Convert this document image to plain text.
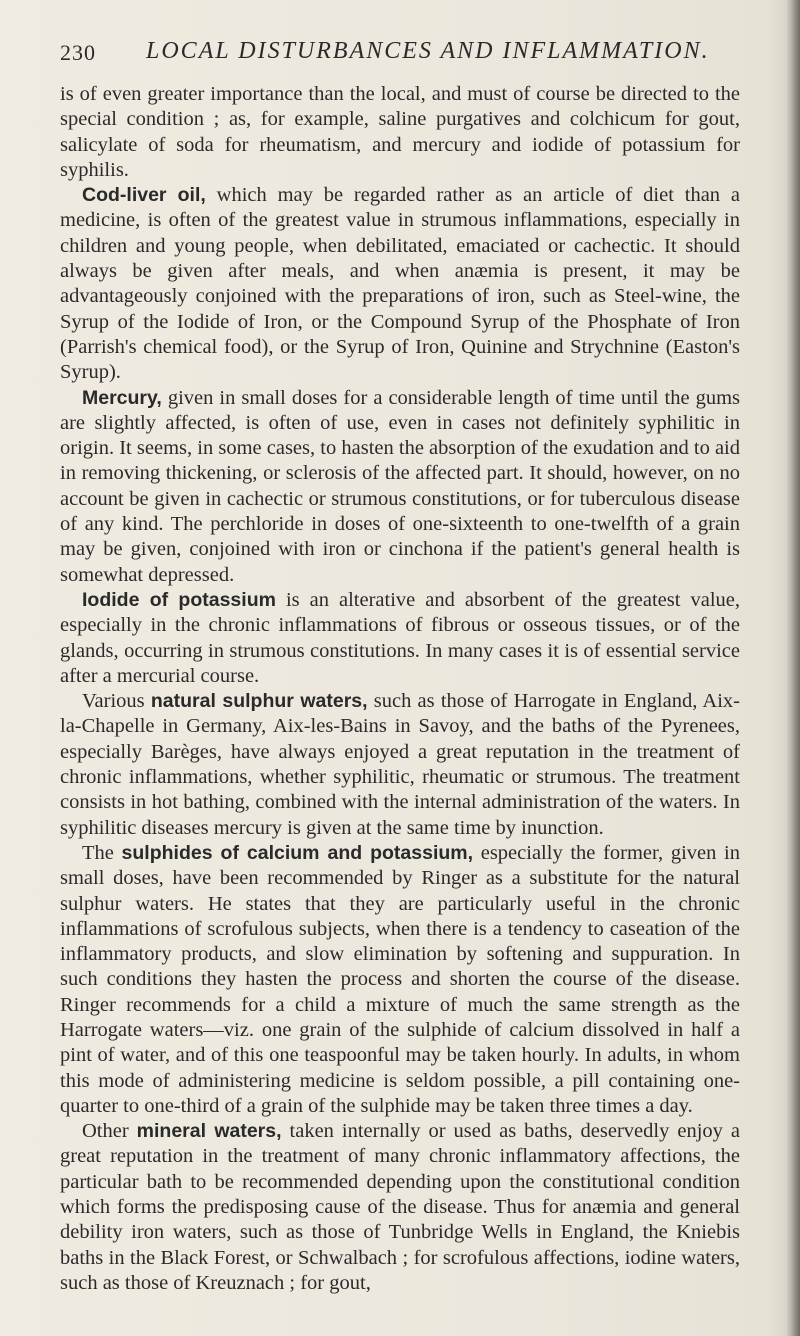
230 LOCAL DISTURBANCES AND INFLAMMATION.

is of even greater importance than the local, and must of course be directed to the special condition ; as, for example, saline purgatives and colchicum for gout, salicylate of soda for rheumatism, and mercury and iodide of potassium for syphilis.

Cod-liver oil, which may be regarded rather as an article of diet than a medicine, is often of the greatest value in strumous inflammations, especially in children and young people, when debilitated, emaciated or cachectic. It should always be given after meals, and when anæmia is present, it may be advantageously conjoined with the preparations of iron, such as Steel-wine, the Syrup of the Iodide of Iron, or the Compound Syrup of the Phosphate of Iron (Parrish's chemical food), or the Syrup of Iron, Quinine and Strychnine (Easton's Syrup).

Mercury, given in small doses for a considerable length of time until the gums are slightly affected, is often of use, even in cases not definitely syphilitic in origin. It seems, in some cases, to hasten the absorption of the exudation and to aid in removing thickening, or sclerosis of the affected part. It should, however, on no account be given in cachectic or strumous constitutions, or for tuberculous disease of any kind. The perchloride in doses of one-sixteenth to one-twelfth of a grain may be given, conjoined with iron or cinchona if the patient's general health is somewhat depressed.

Iodide of potassium is an alterative and absorbent of the greatest value, especially in the chronic inflammations of fibrous or osseous tissues, or of the glands, occurring in strumous constitutions. In many cases it is of essential service after a mercurial course.

Various natural sulphur waters, such as those of Harrogate in England, Aix-la-Chapelle in Germany, Aix-les-Bains in Savoy, and the baths of the Pyrenees, especially Barèges, have always enjoyed a great reputation in the treatment of chronic inflammations, whether syphilitic, rheumatic or strumous. The treatment consists in hot bathing, combined with the internal administration of the waters. In syphilitic diseases mercury is given at the same time by inunction.

The sulphides of calcium and potassium, especially the former, given in small doses, have been recommended by Ringer as a substitute for the natural sulphur waters. He states that they are particularly useful in the chronic inflammations of scrofulous subjects, when there is a tendency to caseation of the inflammatory products, and slow elimination by softening and suppuration. In such conditions they hasten the process and shorten the course of the disease. Ringer recommends for a child a mixture of much the same strength as the Harrogate waters—viz. one grain of the sulphide of calcium dissolved in half a pint of water, and of this one teaspoonful may be taken hourly. In adults, in whom this mode of administering medicine is seldom possible, a pill containing one-quarter to one-third of a grain of the sulphide may be taken three times a day.

Other mineral waters, taken internally or used as baths, deservedly enjoy a great reputation in the treatment of many chronic inflammatory affections, the particular bath to be recommended depending upon the constitutional condition which forms the predisposing cause of the disease. Thus for anæmia and general debility iron waters, such as those of Tunbridge Wells in England, the Kniebis baths in the Black Forest, or Schwalbach ; for scrofulous affections, iodine waters, such as those of Kreuznach ; for gout,
